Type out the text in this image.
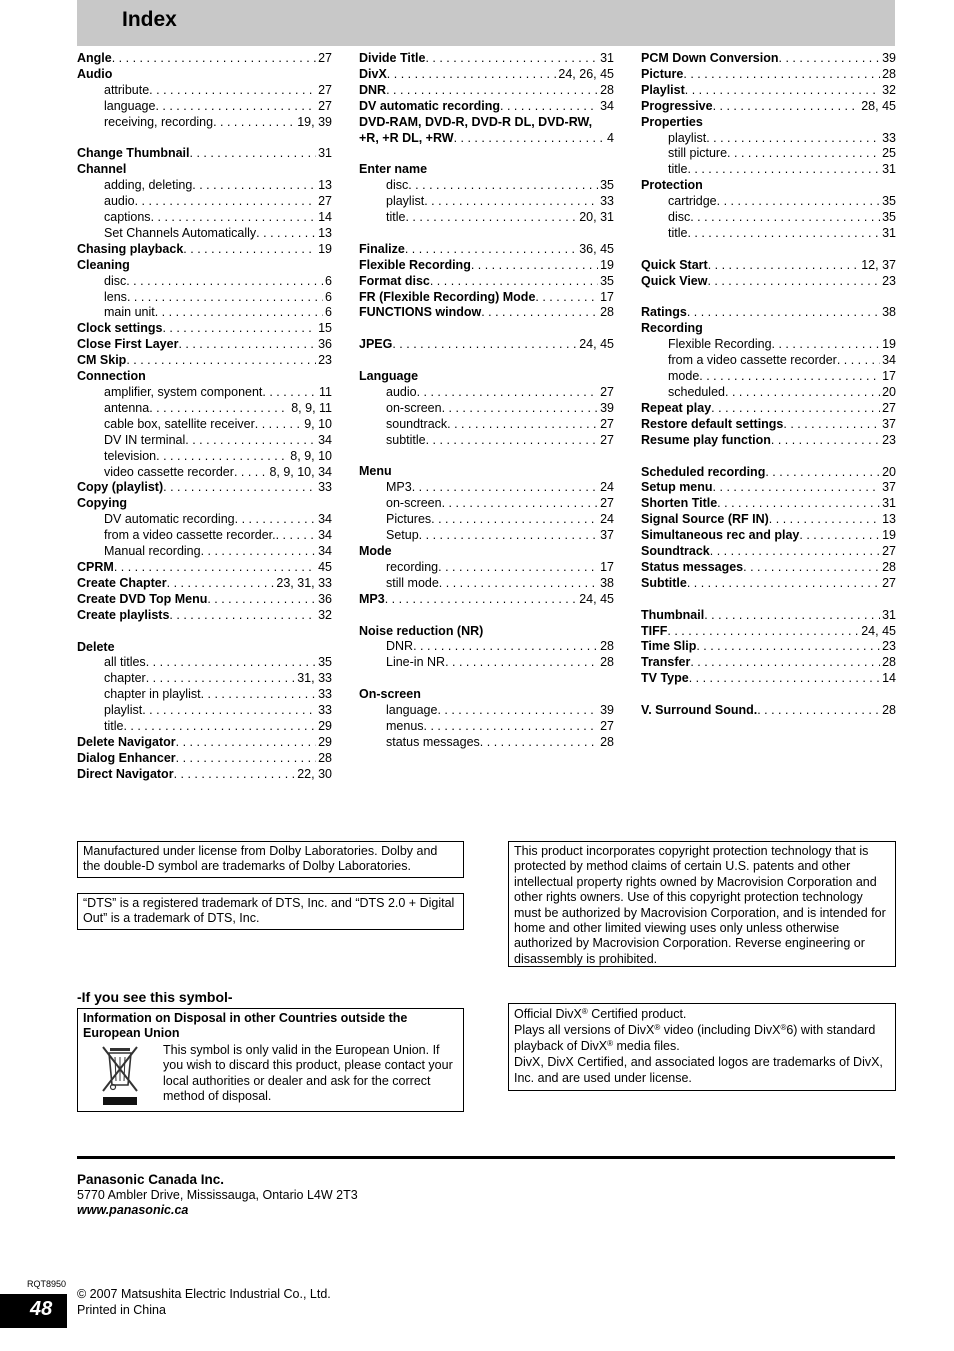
Index
Angle . . .	27
Audio
attribute . . .	27
language . . .	27
receiving, recording . . .	19, 39
Change Thumbnail . . .	31
Channel
adding, deleting . . .	13
audio . . .	27
captions . . .	14
Set Channels Automatically . . .	13
Chasing playback . . .	19
Cleaning
disc . . .	6
lens . . .	6
main unit . . .	6
Clock settings . . .	15
Close First Layer . . .	36
CM Skip . . .	23
Connection
amplifier, system component . . .	11
antenna . . .	8, 9, 11
cable box, satellite receiver . . .	9, 10
DV IN terminal . . .	34
television . . .	8, 9, 10
video cassette recorder . . .	8, 9, 10, 34
Copy (playlist) . . .	33
Copying
DV automatic recording . . .	34
from a video cassette recorder. . . .	34
Manual recording . . .	34
CPRM . . .	45
Create Chapter . . .	23, 31, 33
Create DVD Top Menu . . .	36
Create playlists . . .	32
Delete
all titles . . .	35
chapter . . .	31, 33
chapter in playlist . . .	33
playlist . . .	33
title . . .	29
Delete Navigator . . .	29
Dialog Enhancer . . .	28
Direct Navigator . . .	22, 30
Divide Title . . .	31
DivX . . .	24, 26, 45
DNR . . .	28
DV automatic recording . . .	34
DVD-RAM, DVD-R, DVD-R DL, DVD-RW,
+R, +R DL, +RW . . .	4
Enter name
disc . . .	35
playlist . . .	33
title . . .	20, 31
Finalize . . .	36, 45
Flexible Recording . . .	19
Format disc . . .	35
FR (Flexible Recording) Mode . . .	17
FUNCTIONS window . . .	28
JPEG . . .	24, 45
Language
audio . . .	27
on-screen . . .	39
soundtrack . . .	27
subtitle . . .	27
Menu
MP3 . . .	24
on-screen . . .	27
Pictures . . .	24
Setup . . .	37
Mode
recording . . .	17
still mode . . .	38
MP3 . . .	24, 45
Noise reduction (NR)
DNR . . .	28
Line-in NR . . .	28
On-screen
language . . .	39
menus . . .	27
status messages . . .	28
PCM Down Conversion . . .	39
Picture . . .	28
Playlist . . .	32
Progressive . . .	28, 45
Properties
playlist . . .	33
still picture . . .	25
title . . .	31
Protection
cartridge . . .	35
disc . . .	35
title . . .	31
Quick Start . . .	12, 37
Quick View . . .	23
Ratings . . .	38
Recording
Flexible Recording . . .	19
from a video cassette recorder . . .	34
mode . . .	17
scheduled . . .	20
Repeat play . . .	27
Restore default settings . . .	37
Resume play function . . .	23
Scheduled recording . . .	20
Setup menu . . .	37
Shorten Title . . .	31
Signal Source (RF IN) . . .	13
Simultaneous rec and play . . .	19
Soundtrack . . .	27
Status messages . . .	28
Subtitle . . .	27
Thumbnail . . .	31
TIFF . . .	24, 45
Time Slip . . .	23
Transfer . . .	28
TV Type . . .	14
V. Surround Sound. . . .	28
Manufactured under license from Dolby Laboratories. Dolby and the double-D symbol are trademarks of Dolby Laboratories.
“DTS” is a registered trademark of DTS, Inc. and “DTS 2.0 + Digital Out” is a trademark of DTS, Inc.
This product incorporates copyright protection technology that is protected by method claims of certain U.S. patents and other intellectual property rights owned by Macrovision Corporation and other rights owners. Use of this copyright protection technology must be authorized by Macrovision Corporation, and is intended for home and other limited viewing uses only unless otherwise authorized by Macrovision Corporation. Reverse engineering or disassembly is prohibited.
-If you see this symbol-
Information on Disposal in other Countries outside the European Union
This symbol is only valid in the European Union. If you wish to discard this product, please contact your local authorities or dealer and ask for the correct method of disposal.
Official DivX® Certified product.
Plays all versions of DivX® video (including DivX®6) with standard playback of DivX® media files.
DivX, DivX Certified, and associated logos are trademarks of DivX, Inc. and are used under license.
Panasonic Canada Inc.
5770 Ambler Drive, Mississauga, Ontario L4W 2T3
www.panasonic.ca
RQT8950
48
© 2007 Matsushita Electric Industrial Co., Ltd.
Printed in China
